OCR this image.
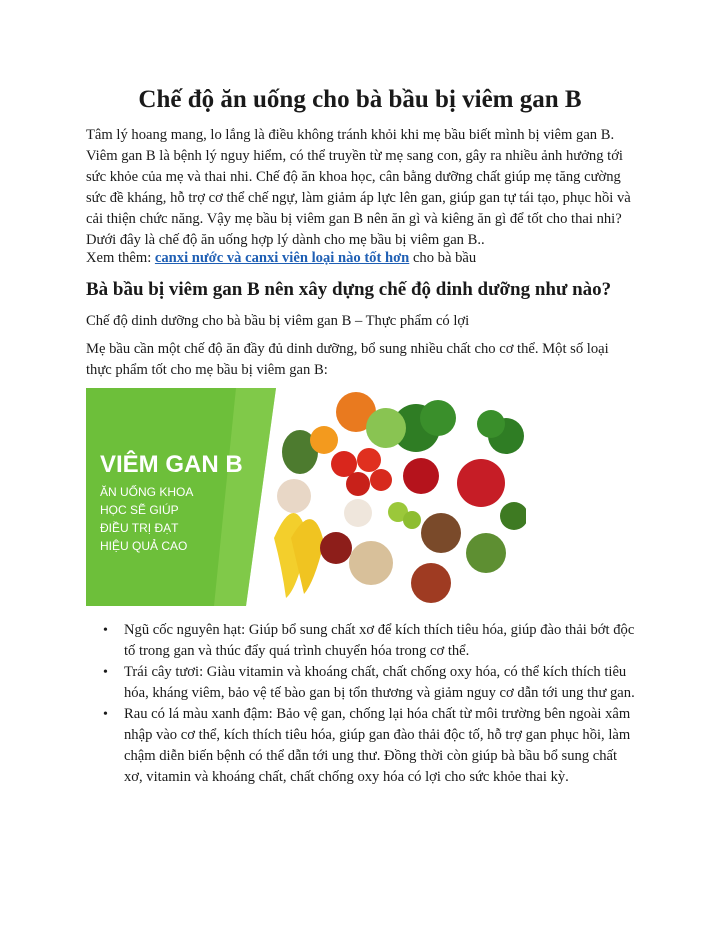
Chế độ ăn uống cho bà bầu bị viêm gan B

Tâm lý hoang mang, lo lắng là điều không tránh khỏi khi mẹ bầu biết mình bị viêm gan B. Viêm gan B là bệnh lý nguy hiểm, có thể truyền từ mẹ sang con, gây ra nhiều ảnh hưởng tới sức khỏe của mẹ và thai nhi. Chế độ ăn khoa học, cân bằng dưỡng chất giúp mẹ tăng cường sức đề kháng, hỗ trợ cơ thể chế ngự, làm giảm áp lực lên gan, giúp gan tự tái tạo, phục hồi và cải thiện chức năng. Vậy mẹ bầu bị viêm gan B nên ăn gì và kiêng ăn gì để tốt cho thai nhi? Dưới đây là chế độ ăn uống hợp lý dành cho mẹ bầu bị viêm gan B..

Xem thêm: canxi nước và canxi viên loại nào tốt hơn cho bà bầu

Bà bầu bị viêm gan B nên xây dựng chế độ dinh dưỡng như nào?

Chế độ dinh dưỡng cho bà bầu bị viêm gan B – Thực phẩm có lợi

Mẹ bầu cần một chế độ ăn đầy đủ dinh dưỡng, bổ sung nhiều chất cho cơ thể. Một số loại thực phẩm tốt cho mẹ bầu bị viêm gan B:

VIÊM GAN B
ĂN UỐNG KHOA
HỌC SẼ GIÚP
ĐIỀU TRỊ ĐẠT
HIỆU QUẢ CAO
• Ngũ cốc nguyên hạt: Giúp bổ sung chất xơ để kích thích tiêu hóa, giúp đào thải bớt độc tố trong gan và thúc đẩy quá trình chuyển hóa trong cơ thể.
• Trái cây tươi: Giàu vitamin và khoáng chất, chất chống oxy hóa, có thể kích thích tiêu hóa, kháng viêm, bảo vệ tế bào gan bị tổn thương và giảm nguy cơ dẫn tới ung thư gan.
• Rau có lá màu xanh đậm: Bảo vệ gan, chống lại hóa chất từ môi trường bên ngoài xâm nhập vào cơ thể, kích thích tiêu hóa, giúp gan đào thải độc tố, hỗ trợ gan phục hồi, làm chậm diễn biến bệnh có thể dẫn tới ung thư. Đồng thời còn giúp bà bầu bổ sung chất xơ, vitamin và khoáng chất, chất chống oxy hóa có lợi cho sức khỏe thai kỳ.
